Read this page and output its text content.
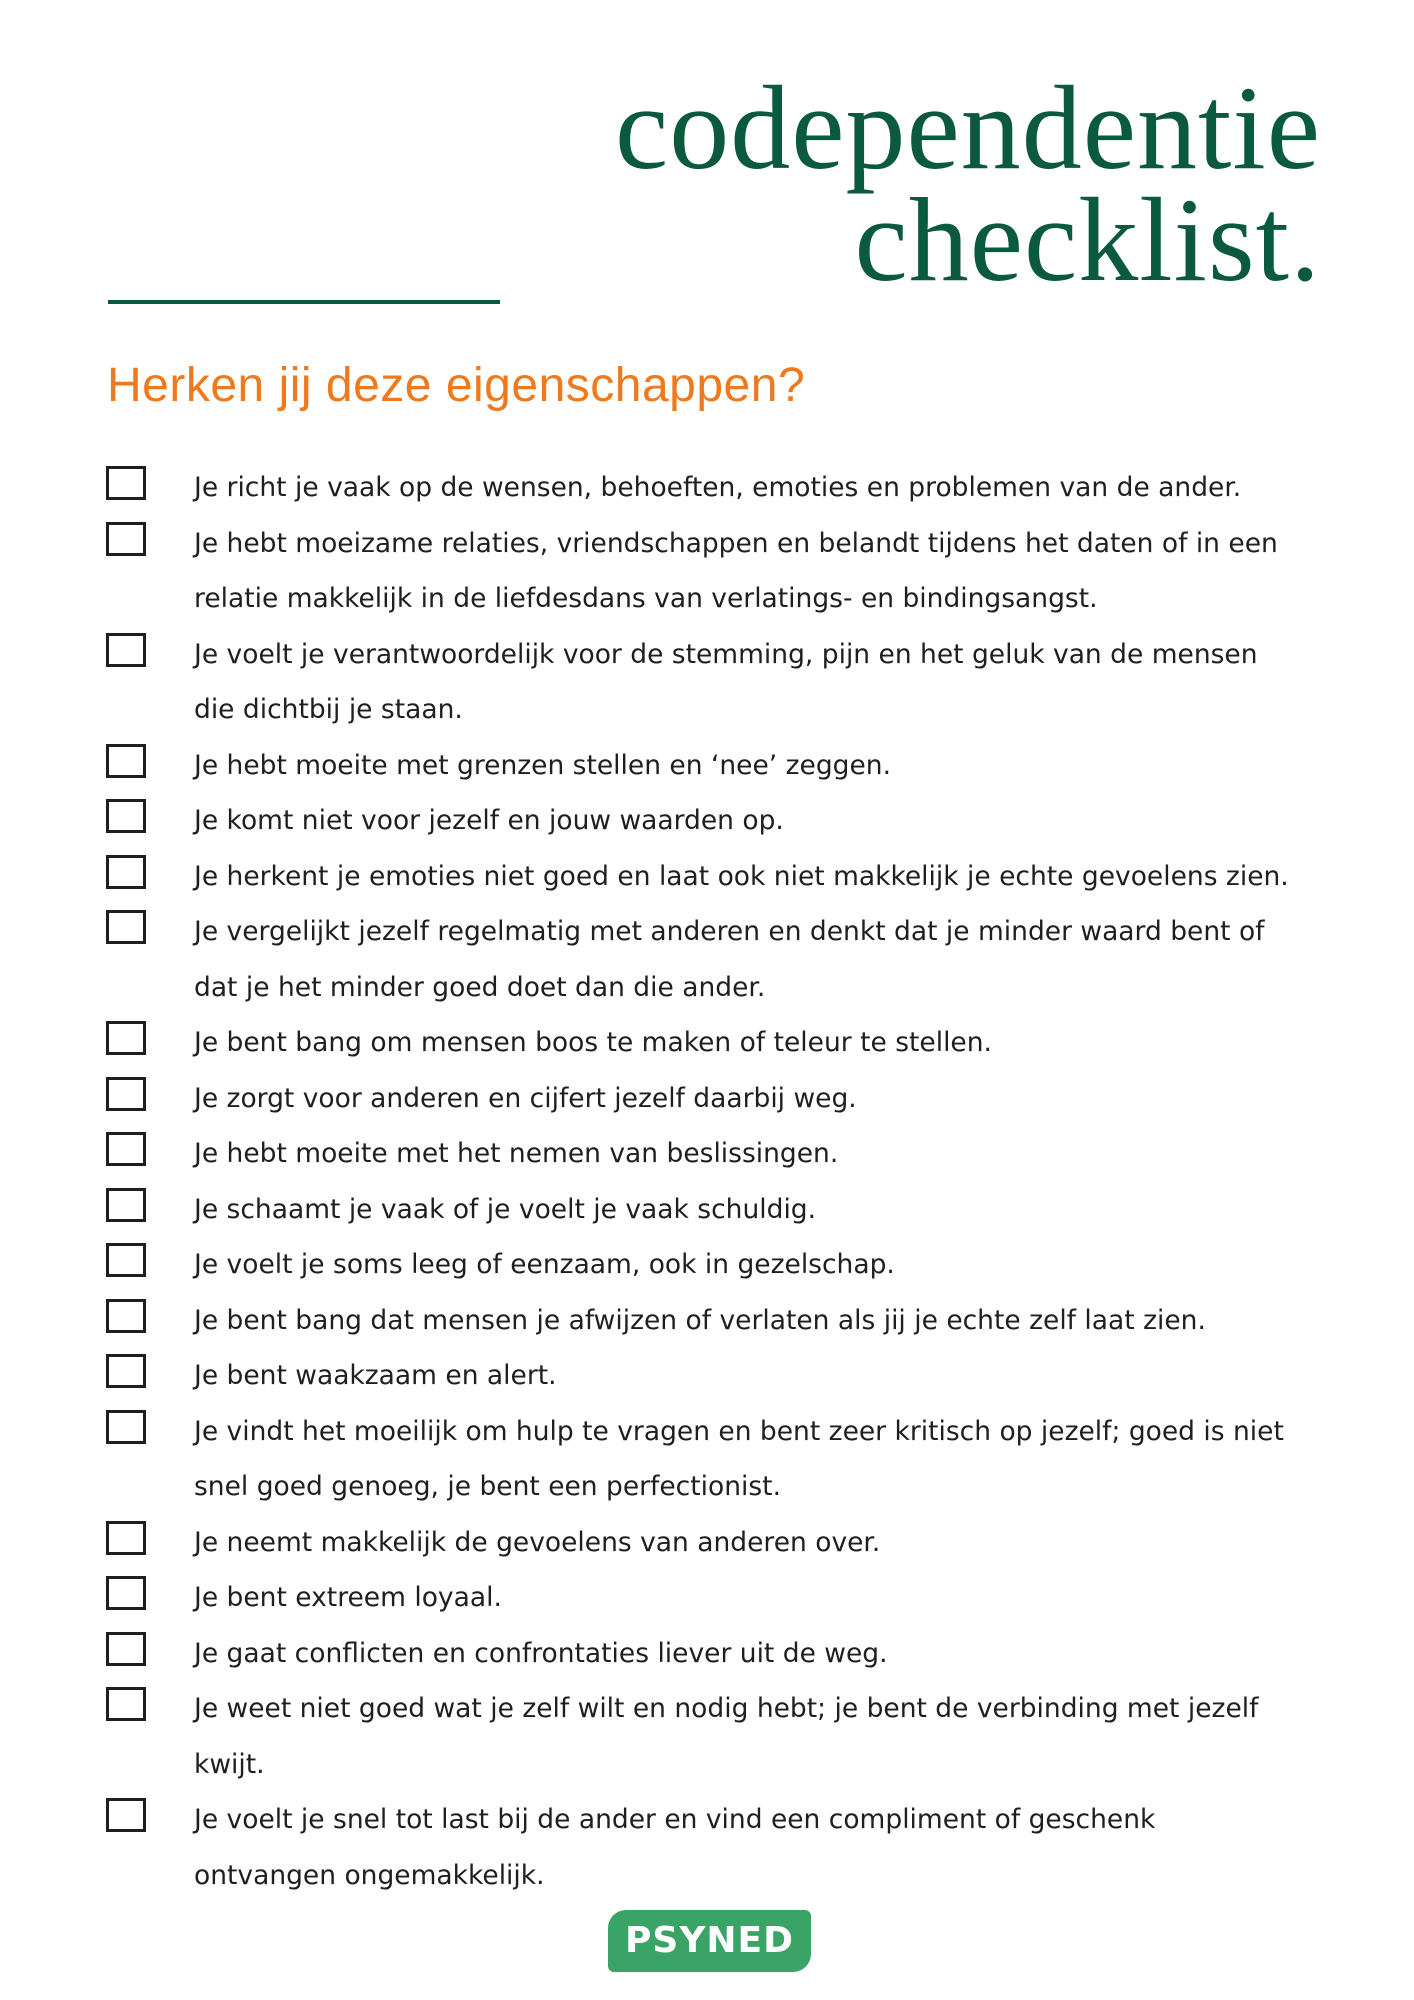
codependentie
checklist.
Herken jij deze eigenschappen?
Je richt je vaak op de wensen, behoeften, emoties en problemen van de ander.
Je hebt moeizame relaties, vriendschappen en belandt tijdens het daten of in een
relatie makkelijk in de liefdesdans van verlatings- en bindingsangst.
Je voelt je verantwoordelijk voor de stemming, pijn en het geluk van de mensen
die dichtbij je staan.
Je hebt moeite met grenzen stellen en ‘nee’ zeggen.
Je komt niet voor jezelf en jouw waarden op.
Je herkent je emoties niet goed en laat ook niet makkelijk je echte gevoelens zien.
Je vergelijkt jezelf regelmatig met anderen en denkt dat je minder waard bent of
dat je het minder goed doet dan die ander.
Je bent bang om mensen boos te maken of teleur te stellen.
Je zorgt voor anderen en cijfert jezelf daarbij weg.
Je hebt moeite met het nemen van beslissingen.
Je schaamt je vaak of je voelt je vaak schuldig.
Je voelt je soms leeg of eenzaam, ook in gezelschap.
Je bent bang dat mensen je afwijzen of verlaten als jij je echte zelf laat zien.
Je bent waakzaam en alert.
Je vindt het moeilijk om hulp te vragen en bent zeer kritisch op jezelf; goed is niet
snel goed genoeg, je bent een perfectionist.
Je neemt makkelijk de gevoelens van anderen over.
Je bent extreem loyaal.
Je gaat conflicten en confrontaties liever uit de weg.
Je weet niet goed wat je zelf wilt en nodig hebt; je bent de verbinding met jezelf
kwijt.
Je voelt je snel tot last bij de ander en vind een compliment of geschenk
ontvangen ongemakkelijk.
PSYNED
